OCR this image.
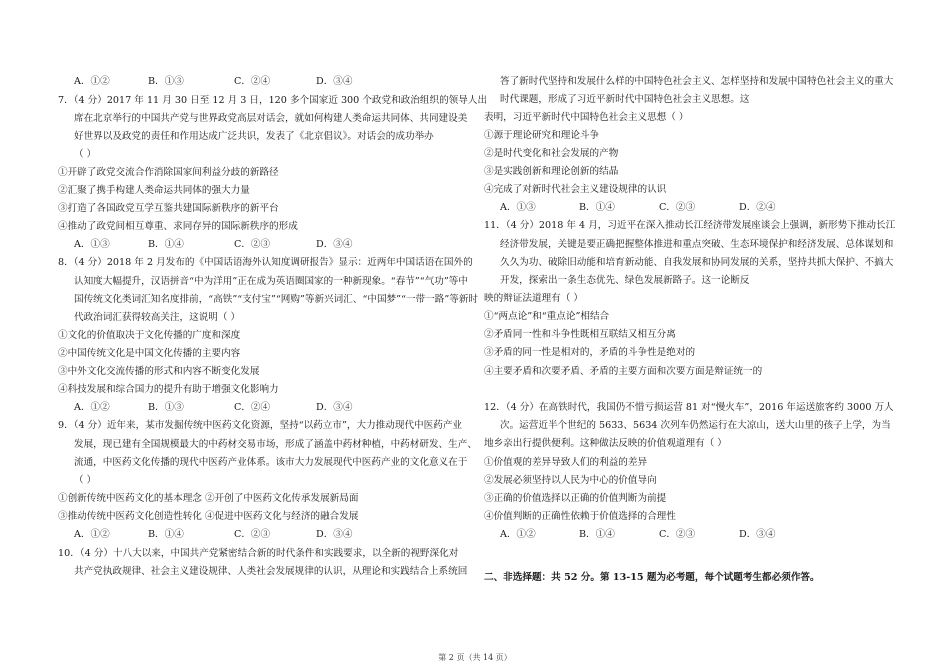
A．①②	B．①③	C．②④	D．③④
7．（4 分）2017 年 11 月 30 日至 12 月 3 日，120 多个国家近 300 个政党和政治组织的领导人出
席在北京举行的中国共产党与世界政党高层对话会，就如何构建人类命运共同体、共同建设美
好世界以及政党的责任和作用达成广泛共识，发表了《北京倡议》。对话会的成功举办
（ ）
①开辟了政党交流合作消除国家间利益分歧的新路径
②汇聚了携手构建人类命运共同体的强大力量
③打造了各国政党互学互鉴共建国际新秩序的新平台
④推动了政党间相互尊重、求同存异的国际新秩序的形成
A．①③	B．①④	C．②③	D．③④
8．（4 分）2018 年 2 月发布的《中国话语海外认知度调研报告》显示：近两年中国话语在国外的
认知度大幅提升，汉语拼音“中为洋用”正在成为英语圈国家的一种新现象。“春节”“气功”等中
国传统文化类词汇知名度排前，“高铁”“支付宝”“网购”等新兴词汇、“中国梦”“一带一路”等新时
代政治词汇获得较高关注，这说明（ ）
①文化的价值取决于文化传播的广度和深度
②中国传统文化是中国文化传播的主要内容
③中外文化交流传播的形式和内容不断变化发展
④科技发展和综合国力的提升有助于增强文化影响力
A．①②	B．①③	C．②④	D．③④
9．（4 分）近年来，某市发掘传统中医药文化资源，坚持“以药立市”，大力推动现代中医药产业
发展，现已建有全国规模最大的中药材交易市场，形成了涵盖中药材种植，中药材研发、生产、
流通，中医药文化传播的现代中医药产业体系。该市大力发展现代中医药产业的文化意义在于
（ ）
①创新传统中医药文化的基本理念 ②开创了中医药文化传承发展新局面
③推动传统中医药文化创造性转化 ④促进中医药文化与经济的融合发展
A．①②	B．①④	C．②③	D．③④
10．（4 分）十八大以来，中国共产党紧密结合新的时代条件和实践要求，以全新的视野深化对
共产党执政规律、社会主义建设规律、人类社会发展规律的认识，从理论和实践结合上系统回
答了新时代坚持和发展什么样的中国特色社会主义、怎样坚持和发展中国特色社会主义的重大
时代课题，形成了习近平新时代中国特色社会主义思想。这
表明，习近平新时代中国特色社会主义思想（ ）
①源于理论研究和理论斗争
②是时代变化和社会发展的产物
③是实践创新和理论创新的结晶
④完成了对新时代社会主义建设规律的认识
A．①③	B．①④	C．②③	D．②④
11．（4 分）2018 年 4 月，习近平在深入推动长江经济带发展座谈会上强调，新形势下推动长江
经济带发展，关键是要正确把握整体推进和重点突破、生态环境保护和经济发展、总体谋划和
久久为功、破除旧动能和培育新动能、自我发展和协同发展的关系，坚持共抓大保护、不搞大
开发，探索出一条生态优先、绿色发展新路子。这一论断反
映的辩证法道理有（ ）
①“两点论”和“重点论”相结合
②矛盾同一性和斗争性既相互联结又相互分离
③矛盾的同一性是相对的，矛盾的斗争性是绝对的
④主要矛盾和次要矛盾、矛盾的主要方面和次要方面是辩证统一的
12．（4 分）在高铁时代，我国仍不惜亏损运营 81 对“慢火车”，2016 年运送旅客约 3000 万人
次。运营近半个世纪的 5633、5634 次列车仍然运行在大凉山，送大山里的孩子上学，为当
地乡亲出行提供便利。这种做法反映的价值观道理有（ ）
①价值观的差异导致人们的利益的差异
②发展必须坚持以人民为中心的价值导向
③正确的价值选择以正确的价值判断为前提
④价值判断的正确性依赖于价值选择的合理性
A．①②	B．①④	C．②③	D．③④
二、非选择题：共 52 分。第 13-15 题为必考题，每个试题考生都必须作答。
第 2 页（共 14 页）
